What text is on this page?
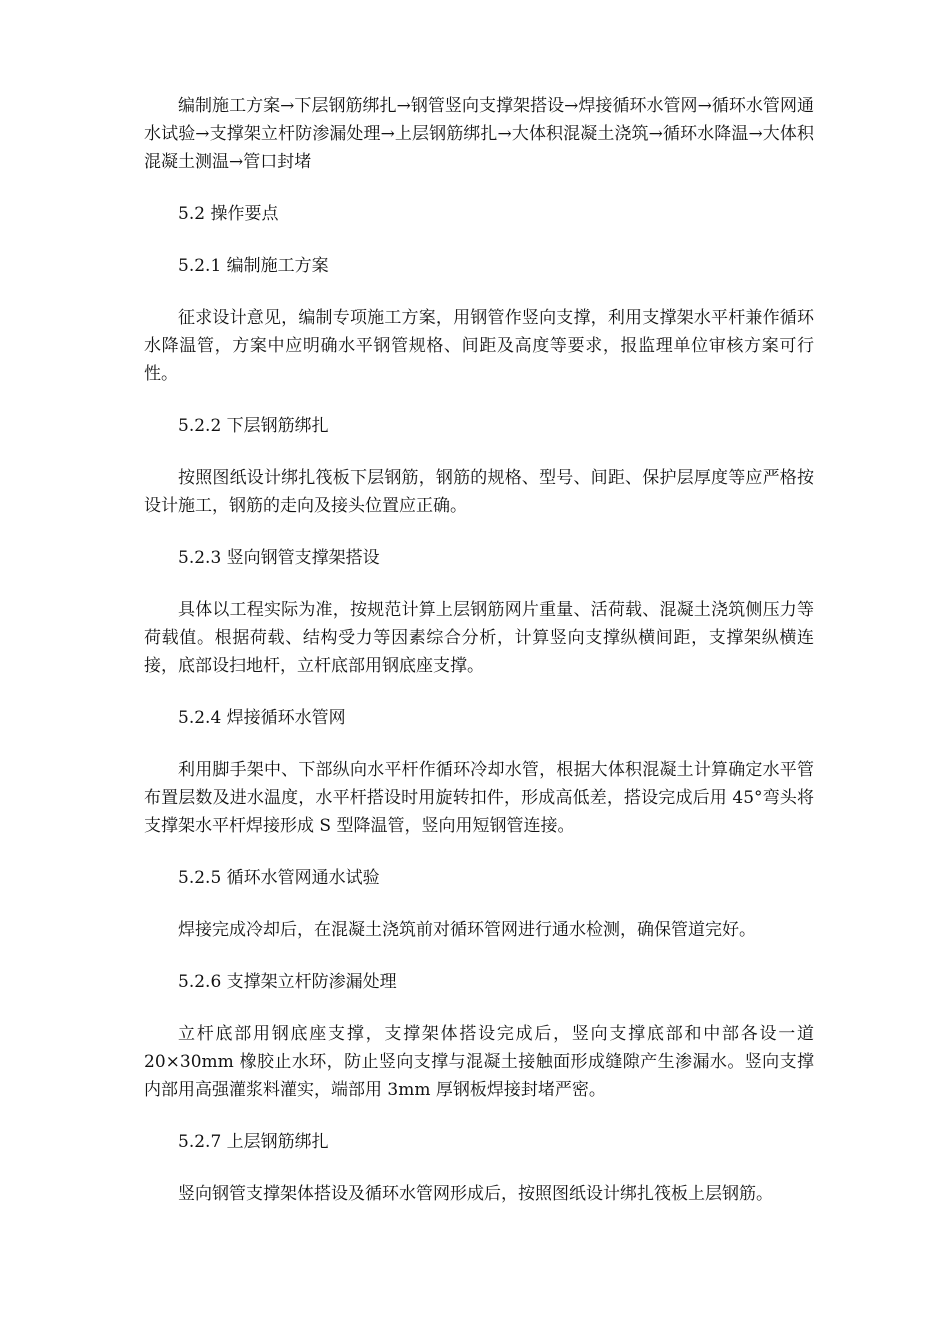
编制施工方案→下层钢筋绑扎→钢管竖向支撑架搭设→焊接循环水管网→循环水管网通水试验→支撑架立杆防渗漏处理→上层钢筋绑扎→大体积混凝土浇筑→循环水降温→大体积混凝土测温→管口封堵

5.2 操作要点

5.2.1 编制施工方案

征求设计意见，编制专项施工方案，用钢管作竖向支撑，利用支撑架水平杆兼作循环水降温管，方案中应明确水平钢管规格、间距及高度等要求，报监理单位审核方案可行性。

5.2.2 下层钢筋绑扎

按照图纸设计绑扎筏板下层钢筋，钢筋的规格、型号、间距、保护层厚度等应严格按设计施工，钢筋的走向及接头位置应正确。

5.2.3 竖向钢管支撑架搭设

具体以工程实际为准，按规范计算上层钢筋网片重量、活荷载、混凝土浇筑侧压力等荷载值。根据荷载、结构受力等因素综合分析，计算竖向支撑纵横间距，支撑架纵横连接，底部设扫地杆，立杆底部用钢底座支撑。

5.2.4 焊接循环水管网

利用脚手架中、下部纵向水平杆作循环冷却水管，根据大体积混凝土计算确定水平管布置层数及进水温度，水平杆搭设时用旋转扣件，形成高低差，搭设完成后用 45°弯头将支撑架水平杆焊接形成 S 型降温管，竖向用短钢管连接。

5.2.5 循环水管网通水试验

焊接完成冷却后，在混凝土浇筑前对循环管网进行通水检测，确保管道完好。

5.2.6 支撑架立杆防渗漏处理

立杆底部用钢底座支撑，支撑架体搭设完成后，竖向支撑底部和中部各设一道 20×30mm 橡胶止水环，防止竖向支撑与混凝土接触面形成缝隙产生渗漏水。竖向支撑内部用高强灌浆料灌实，端部用 3mm 厚钢板焊接封堵严密。

5.2.7 上层钢筋绑扎

竖向钢管支撑架体搭设及循环水管网形成后，按照图纸设计绑扎筏板上层钢筋。
